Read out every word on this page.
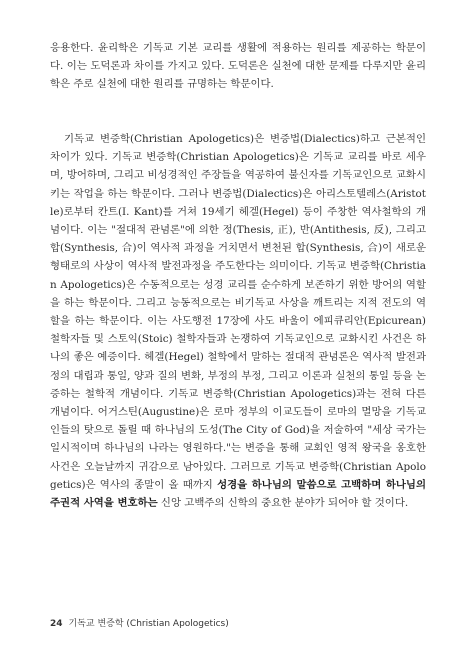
응용한다. 윤리학은 기독교 기본 교리를 생활에 적용하는 원리를 제공하는 학문이다. 이는 도덕론과 차이를 가지고 있다. 도덕론은 실천에 대한 문제를 다루지만 윤리학은 주로 실천에 대한 원리를 규명하는 학문이다.

기독교 변증학(Christian Apologetics)은 변증법(Dialectics)하고 근본적인 차이가 있다. 기독교 변증학(Christian Apologetics)은 기독교 교리를 바로 세우며, 방어하며, 그리고 비성경적인 주장들을 역공하여 불신자를 기독교인으로 교화시키는 작업을 하는 학문이다. 그러나 변증법(Dialectics)은 아리스토텔레스(Aristotle)로부터 칸트(I. Kant)를 거쳐 19세기 헤겔(Hegel) 등이 주창한 역사철학의 개념이다. 이는 "절대적 관념론"에 의한 정(Thesis, 正), 반(Antithesis, 反), 그리고 합(Synthesis, 合)이 역사적 과정을 거치면서 변천된 합(Synthesis, 合)이 새로운 형태로의 사상이 역사적 발전과정을 주도한다는 의미이다. 기독교 변증학(Christian Apologetics)은 수동적으로는 성경 교리를 순수하게 보존하기 위한 방어의 역할을 하는 학문이다. 그리고 능동적으로는 비기독교 사상을 깨트리는 지적 전도의 역할을 하는 학문이다. 이는 사도행전 17장에 사도 바울이 에피큐리안(Epicurean) 철학자들 및 스토익(Stoic) 철학자들과 논쟁하여 기독교인으로 교화시킨 사건은 하나의 좋은 예증이다. 헤겔(Hegel) 철학에서 말하는 절대적 관념론은 역사적 발전과정의 대립과 통일, 양과 질의 변화, 부정의 부정, 그리고 이론과 실천의 통일 등을 논증하는 철학적 개념이다. 기독교 변증학(Christian Apologetics)과는 전혀 다른 개념이다. 어거스틴(Augustine)은 로마 정부의 이교도들이 로마의 멸망을 기독교인들의 탓으로 돌릴 때 하나님의 도성(The City of God)을 저술하여 "세상 국가는 일시적이며 하나님의 나라는 영원하다."는 변증을 통해 교회인 영적 왕국을 옹호한 사건은 오늘날까지 귀감으로 남아있다. 그러므로 기독교 변증학(Christian Apologetics)은 역사의 종말이 올 때까지 성경을 하나님의 말씀으로 고백하며 하나님의 주권적 사역을 변호하는 신앙 고백주의 신학의 중요한 분야가 되어야 할 것이다.

24 기독교 변증학 (Christian Apologetics)
